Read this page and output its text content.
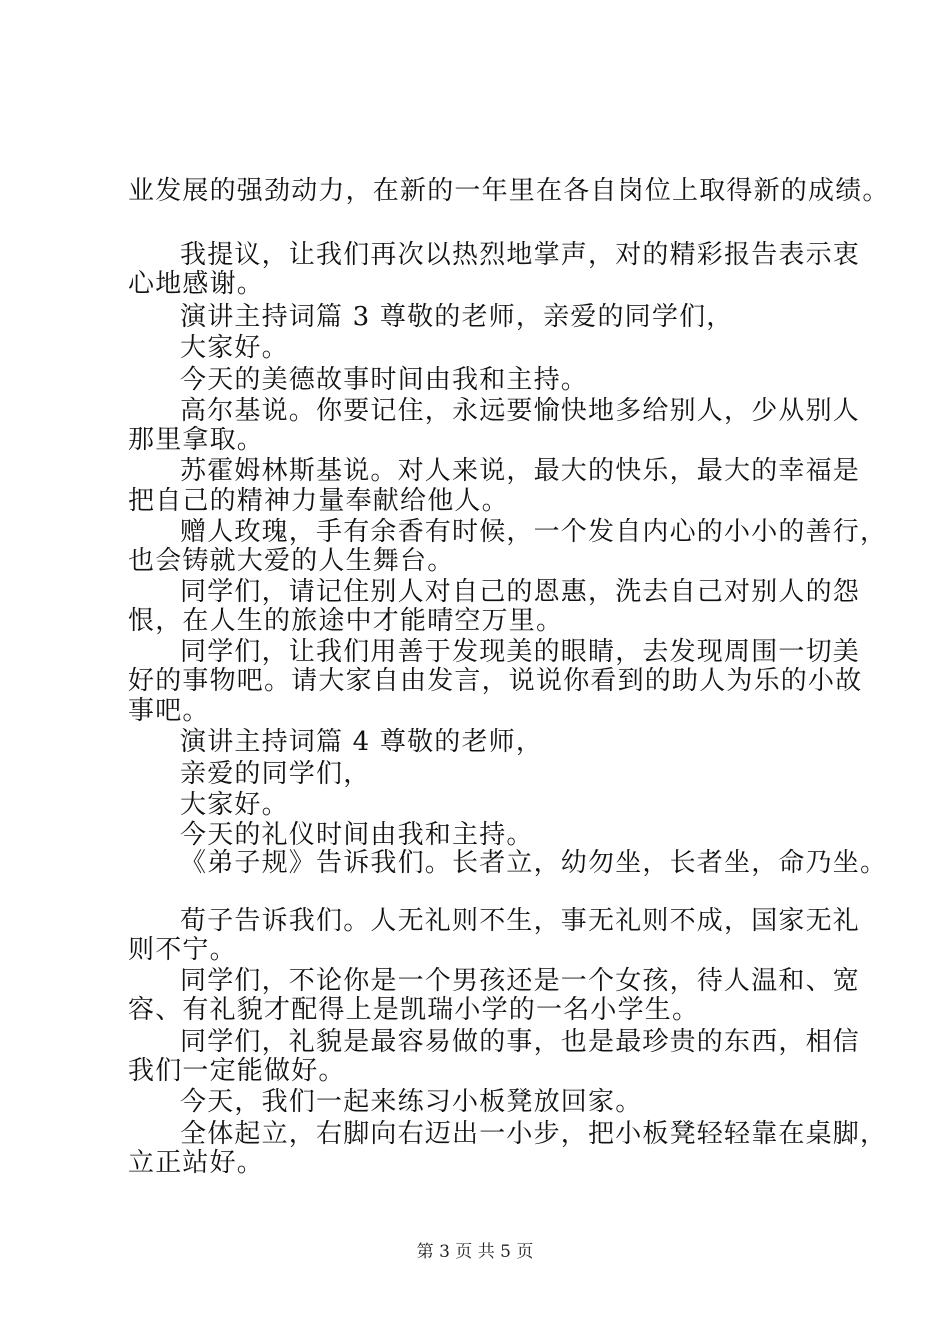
业发展的强劲动力，在新的一年里在各自岗位上取得新的成绩。
我提议，让我们再次以热烈地掌声，对的精彩报告表示衷
心地感谢。
演讲主持词篇 3 尊敬的老师，亲爱的同学们，
大家好。
今天的美德故事时间由我和主持。
高尔基说。你要记住，永远要愉快地多给别人，少从别人
那里拿取。
苏霍姆林斯基说。对人来说，最大的快乐，最大的幸福是
把自己的精神力量奉献给他人。
赠人玫瑰，手有余香有时候，一个发自内心的小小的善行，
也会铸就大爱的人生舞台。
同学们，请记住别人对自己的恩惠，洗去自己对别人的怨
恨，在人生的旅途中才能晴空万里。
同学们，让我们用善于发现美的眼睛，去发现周围一切美
好的事物吧。请大家自由发言，说说你看到的助人为乐的小故
事吧。
演讲主持词篇 4 尊敬的老师，
亲爱的同学们，
大家好。
今天的礼仪时间由我和主持。
《弟子规》告诉我们。长者立，幼勿坐，长者坐，命乃坐。
荀子告诉我们。人无礼则不生，事无礼则不成，国家无礼
则不宁。
同学们，不论你是一个男孩还是一个女孩，待人温和、宽
容、有礼貌才配得上是凯瑞小学的一名小学生。
同学们，礼貌是最容易做的事，也是最珍贵的东西，相信
我们一定能做好。
今天，我们一起来练习小板凳放回家。
全体起立，右脚向右迈出一小步，把小板凳轻轻靠在桌脚，
立正站好。
第 3 页 共 5 页
